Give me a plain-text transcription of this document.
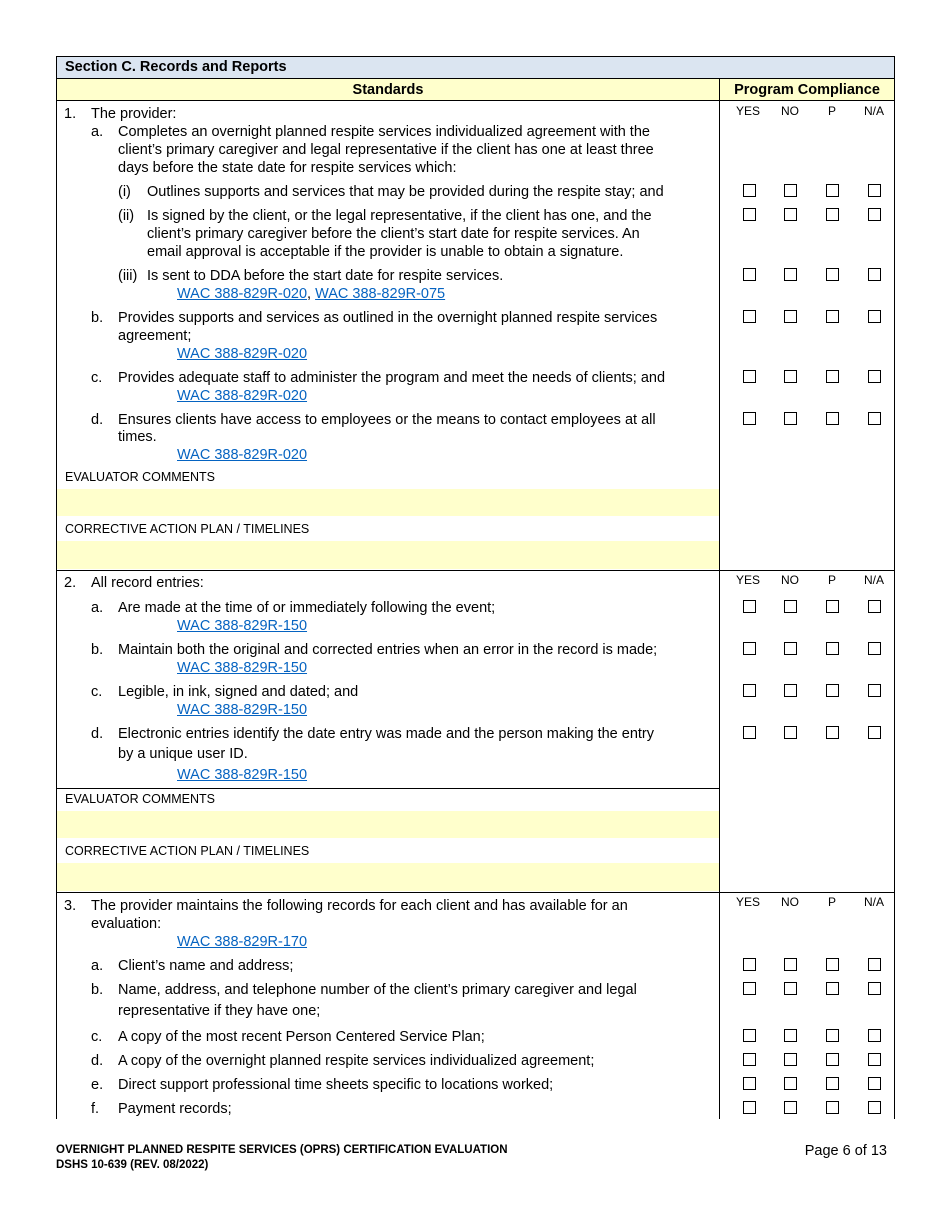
Section C. Records and Reports
Standards	Program Compliance
YES	NO	P	N/A
1. The provider:
a. Completes an overnight planned respite services individualized agreement with the
client’s primary caregiver and legal representative if the client has one at least three
days before the state date for respite services which:
(i) Outlines supports and services that may be provided during the respite stay; and
(ii) Is signed by the client, or the legal representative, if the client has one, and the
client’s primary caregiver before the client’s start date for respite services. An
email approval is acceptable if the provider is unable to obtain a signature.
(iii) Is sent to DDA before the start date for respite services.
WAC 388-829R-020, WAC 388-829R-075
b. Provides supports and services as outlined in the overnight planned respite services
agreement;
WAC 388-829R-020
c. Provides adequate staff to administer the program and meet the needs of clients; and
WAC 388-829R-020
d. Ensures clients have access to employees or the means to contact employees at all
times.
WAC 388-829R-020
EVALUATOR COMMENTS
CORRECTIVE ACTION PLAN / TIMELINES
YES	NO	P	N/A
2. All record entries:
a. Are made at the time of or immediately following the event;
WAC 388-829R-150
b. Maintain both the original and corrected entries when an error in the record is made;
WAC 388-829R-150
c. Legible, in ink, signed and dated; and
WAC 388-829R-150
d. Electronic entries identify the date entry was made and the person making the entry
by a unique user ID.
WAC 388-829R-150
EVALUATOR COMMENTS
CORRECTIVE ACTION PLAN / TIMELINES
YES	NO	P	N/A
3. The provider maintains the following records for each client and has available for an
evaluation:
WAC 388-829R-170
a. Client’s name and address;
b. Name, address, and telephone number of the client’s primary caregiver and legal
representative if they have one;
c. A copy of the most recent Person Centered Service Plan;
d. A copy of the overnight planned respite services individualized agreement;
e. Direct support professional time sheets specific to locations worked;
f. Payment records;
OVERNIGHT PLANNED RESPITE SERVICES (OPRS) CERTIFICATION EVALUATION
DSHS 10-639 (REV. 08/2022)
Page 6 of 13
